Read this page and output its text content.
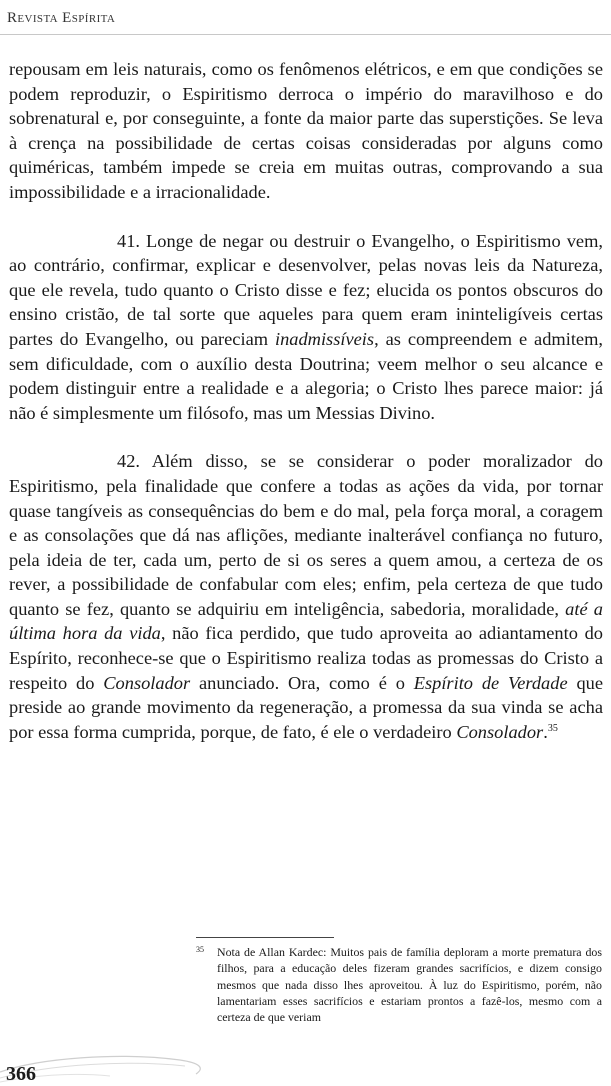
Revista Espírita

repousam em leis naturais, como os fenômenos elétricos, e em que condições se podem reproduzir, o Espiritismo derroca o império do maravilhoso e do sobrenatural e, por conseguinte, a fonte da maior parte das superstições. Se leva à crença na possibilidade de certas coisas consideradas por alguns como quiméricas, também impede se creia em muitas outras, comprovando a sua impossibilidade e a irracionalidade.

41. Longe de negar ou destruir o Evangelho, o Espiritismo vem, ao contrário, confirmar, explicar e desenvolver, pelas novas leis da Natureza, que ele revela, tudo quanto o Cristo disse e fez; elucida os pontos obscuros do ensino cristão, de tal sorte que aqueles para quem eram ininteligíveis certas partes do Evangelho, ou pareciam inadmissíveis, as compreendem e admitem, sem dificuldade, com o auxílio desta Doutrina; veem melhor o seu alcance e podem distinguir entre a realidade e a alegoria; o Cristo lhes parece maior: já não é simplesmente um filósofo, mas um Messias Divino.

42. Além disso, se se considerar o poder moralizador do Espiritismo, pela finalidade que confere a todas as ações da vida, por tornar quase tangíveis as consequências do bem e do mal, pela força moral, a coragem e as consolações que dá nas aflições, mediante inalterável confiança no futuro, pela ideia de ter, cada um, perto de si os seres a quem amou, a certeza de os rever, a possibilidade de confabular com eles; enfim, pela certeza de que tudo quanto se fez, quanto se adquiriu em inteligência, sabedoria, moralidade, até a última hora da vida, não fica perdido, que tudo aproveita ao adiantamento do Espírito, reconhece-se que o Espiritismo realiza todas as promessas do Cristo a respeito do Consolador anunciado. Ora, como é o Espírito de Verdade que preside ao grande movimento da regeneração, a promessa da sua vinda se acha por essa forma cumprida, porque, de fato, é ele o verdadeiro Consolador.$^{35}$

35	Nota de Allan Kardec: Muitos pais de família deploram a morte prematura dos filhos, para a educação deles fizeram grandes sacrifícios, e dizem consigo mesmos que nada disso lhes aproveitou. À luz do Espiritismo, porém, não lamentariam esses sacrifícios e estariam prontos a fazê-los, mesmo com a certeza de que veriam
366
